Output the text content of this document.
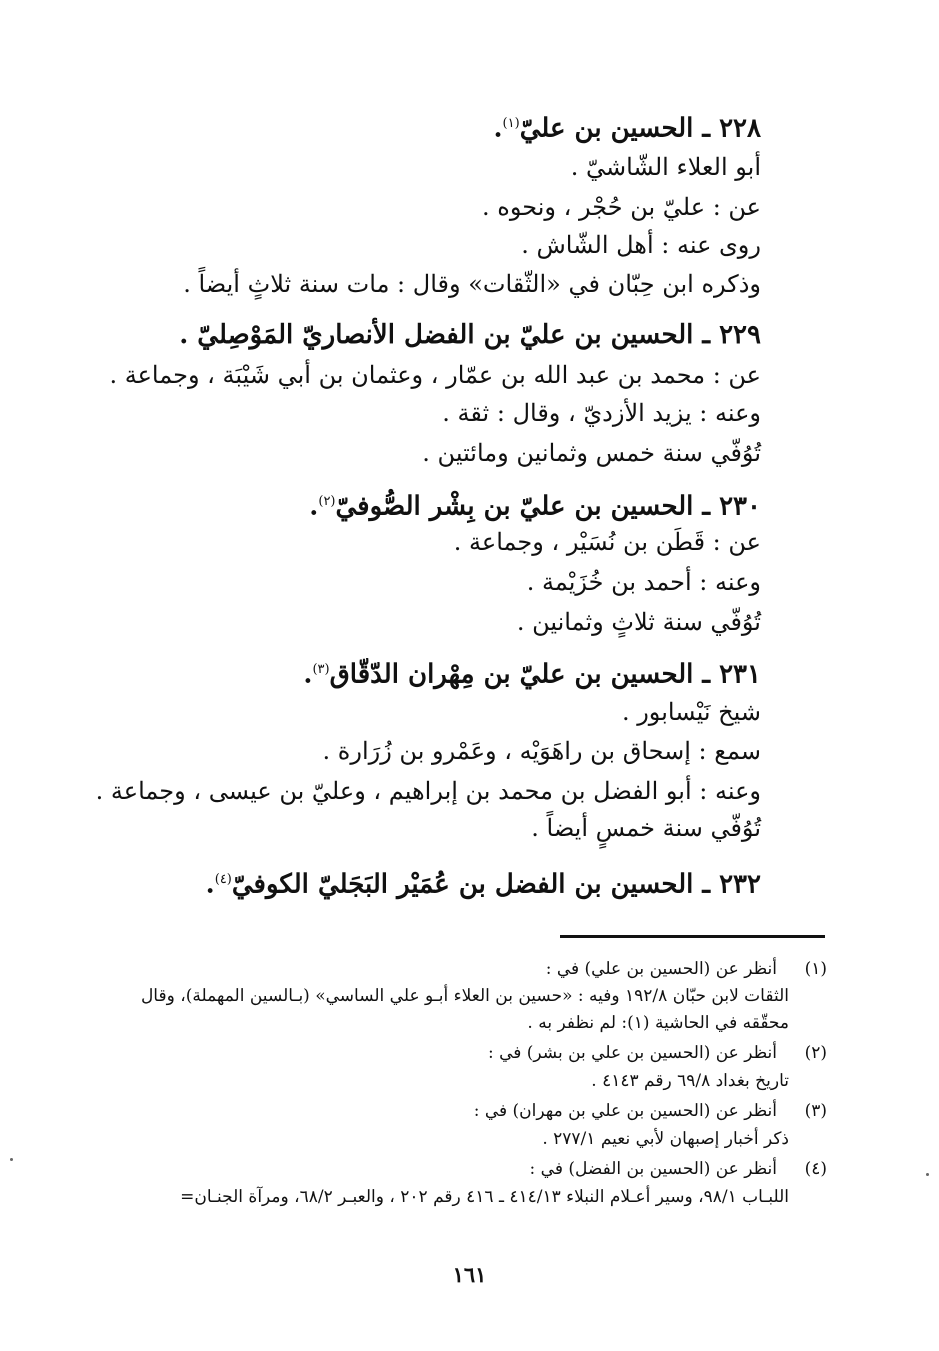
٢٢٨ ـ الحسين بن عليّ$^{(١)}$.
أبو العلاء الشّاشيّ .
عن : عليّ بن حُجْر ، ونحوه .
روى عنه : أهل الشّاش .
وذكره ابن حِبّان في «الثّقات» وقال : مات سنة ثلاثٍ أيضاً .
٢٢٩ ـ الحسين بن عليّ بن الفضل الأنصاريّ المَوْصِليّ .
عن : محمد بن عبد الله بن عمّار ، وعثمان بن أبي شَيْبَة ، وجماعة .
وعنه : يزيد الأزديّ ، وقال : ثقة .
تُوُفّي سنة خمس وثمانين ومائتين .
٢٣٠ ـ الحسين بن عليّ بن بِشْر الصُّوفيّ$^{(٢)}$.
عن : قَطَن بن نُسَيْر ، وجماعة .
وعنه : أحمد بن خُزَيْمة .
تُوُفّي سنة ثلاثٍ وثمانين .
٢٣١ ـ الحسين بن عليّ بن مِهْران الدّقّاق$^{(٣)}$.
شيخ نَيْسابور .
سمع : إسحاق بن راهَوَيْه ، وعَمْرو بن زُرَارة .
وعنه : أبو الفضل بن محمد بن إبراهيم ، وعليّ بن عيسى ، وجماعة .
تُوُفّي سنة خمسٍ أيضاً .
٢٣٢ ـ الحسين بن الفضل بن عُمَيْر البَجَليّ الكوفيّ$^{(٤)}$.
(١)أنظر عن (الحسين بن علي) في :
الثقات لابن حبّان ١٩٢/٨ وفيه : «حسين بن العلاء أبـو علي الساسي» (بـالسين المهملة)، وقال
محقّقه في الحاشية (١): لم نظفر به .
(٢)أنظر عن (الحسين بن علي بن بشر) في :
تاريخ بغداد ٦٩/٨ رقم ٤١٤٣ .
(٣)أنظر عن (الحسين بن علي بن مهران) في :
ذكر أخبار إصبهان لأبي نعيم ٢٧٧/١ .
(٤)أنظر عن (الحسين بن الفضل) في :
اللبـاب ٩٨/١، وسير أعـلام النبلاء ٤١٤/١٣ ـ ٤١٦ رقم ٢٠٢ ، والعبـر ٦٨/٢، ومرآة الجنـان=
١٦١
